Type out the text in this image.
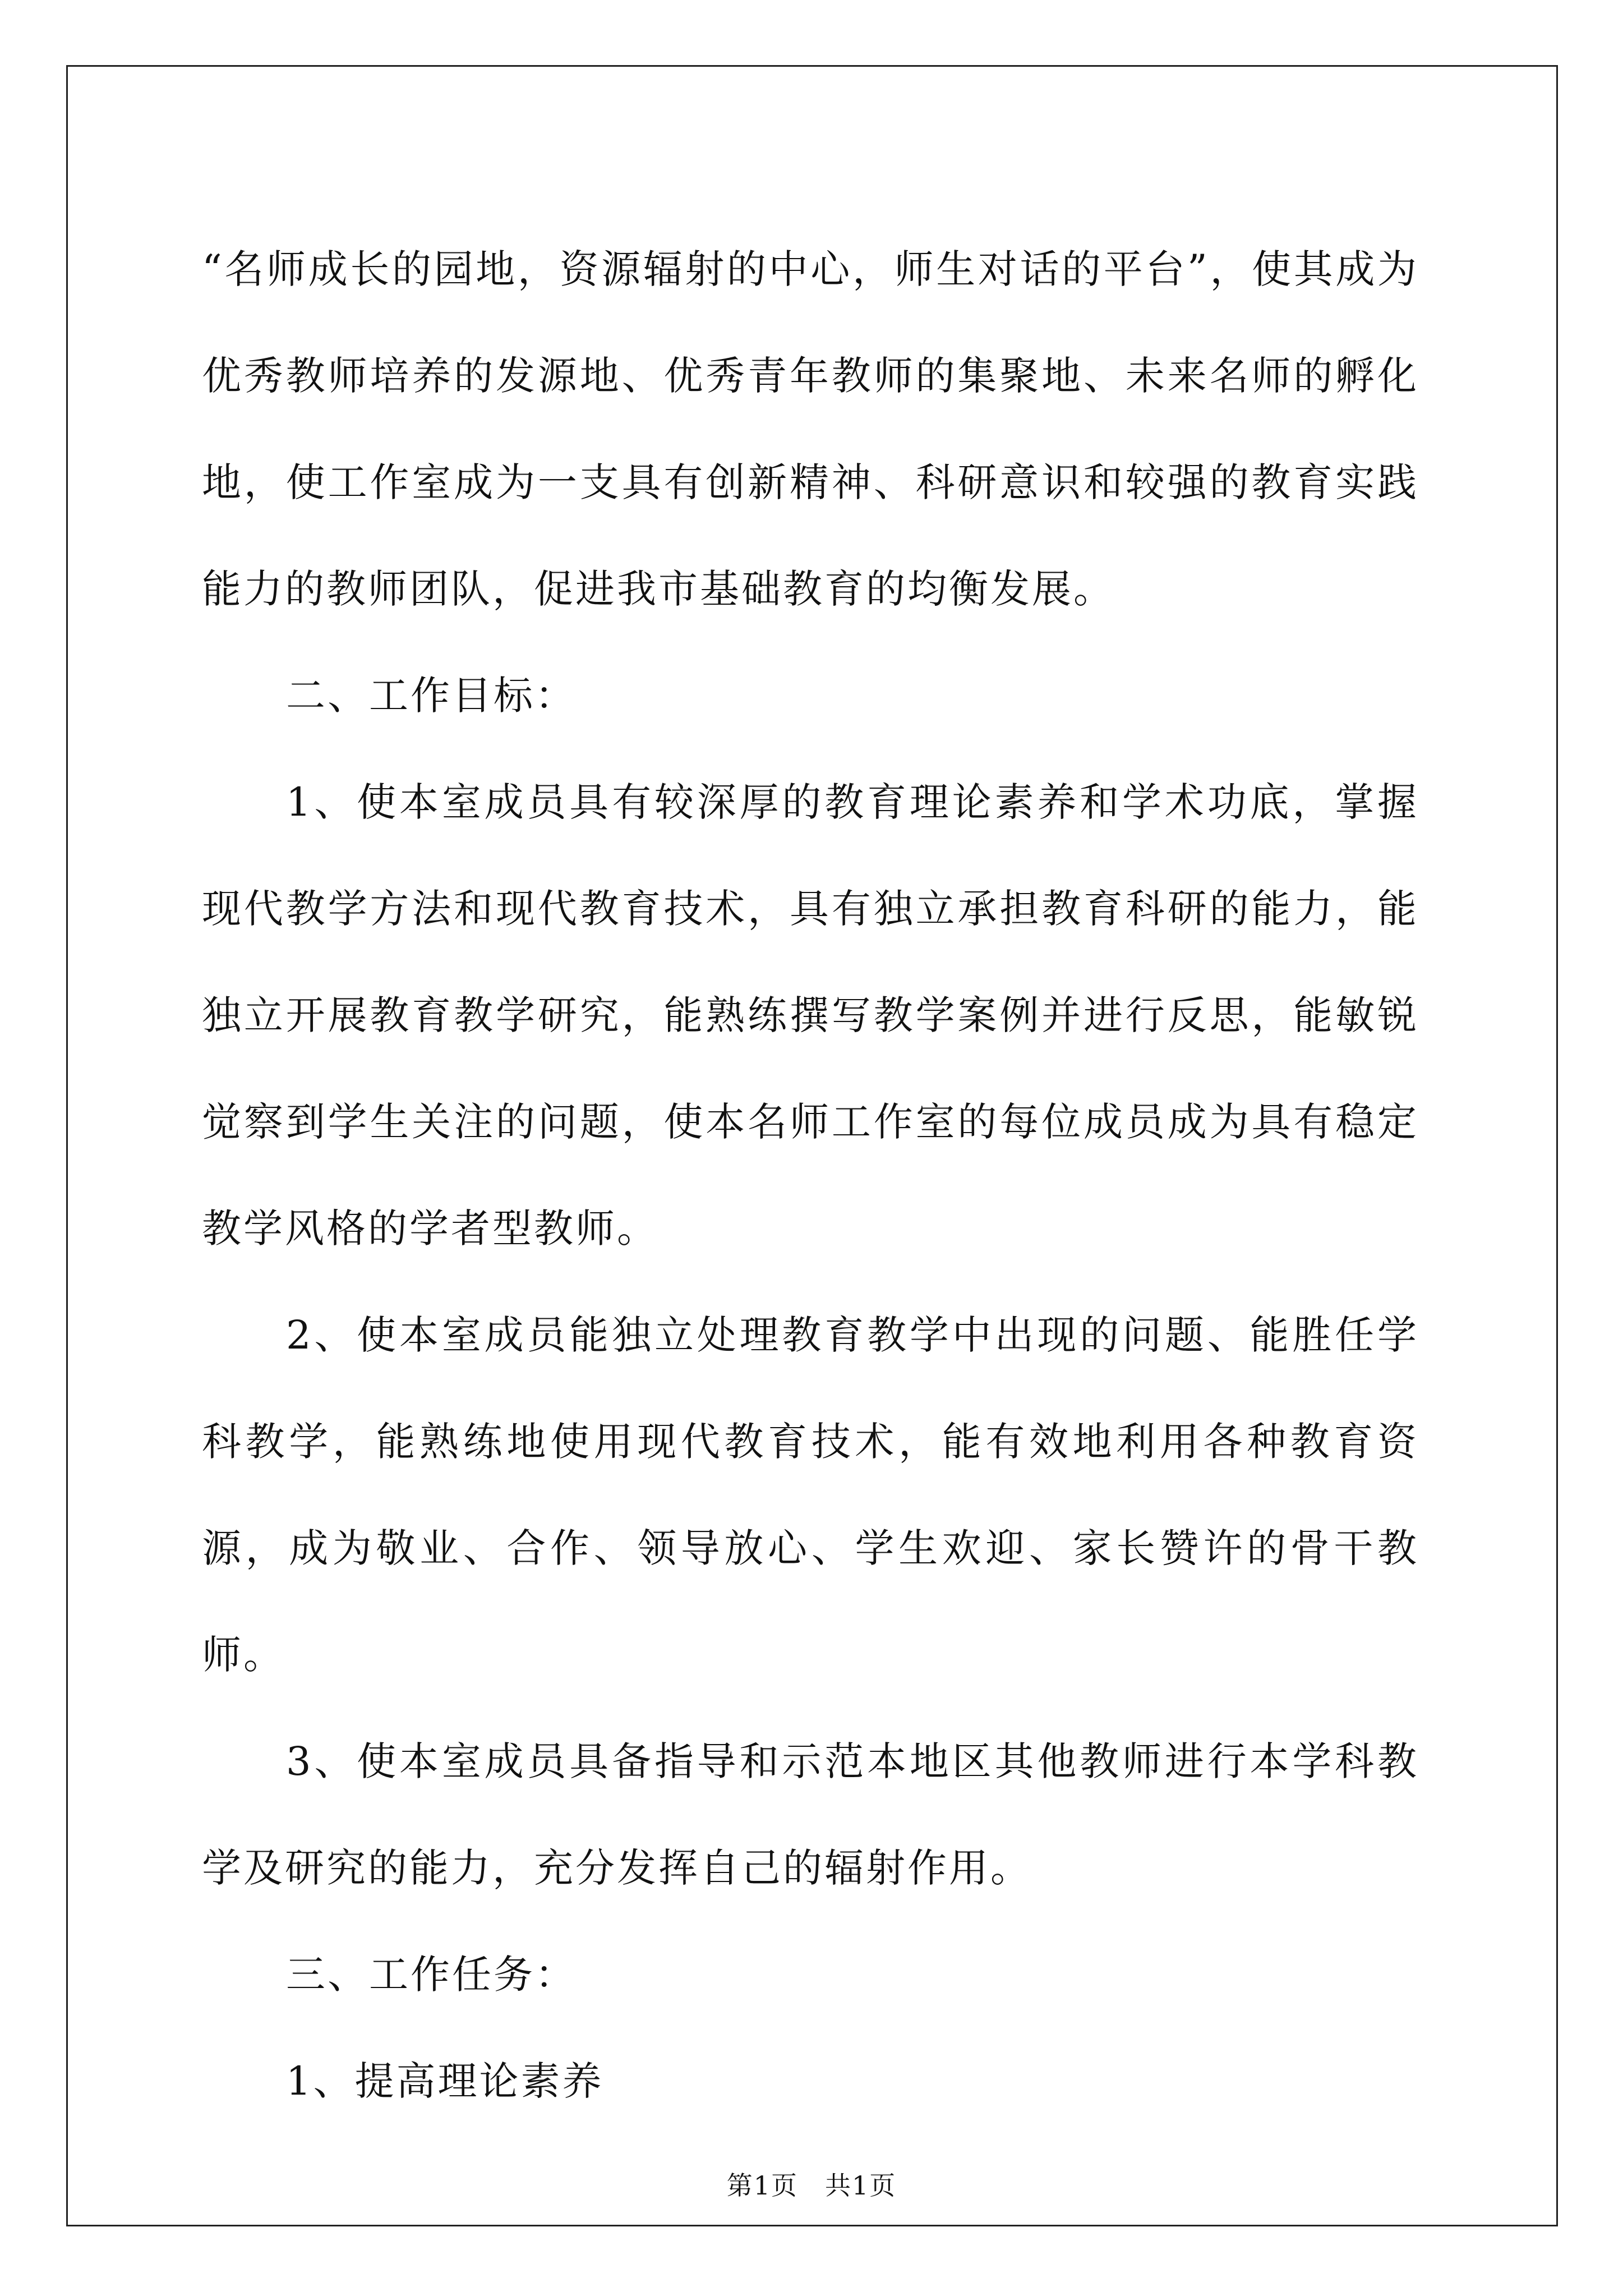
“名师成长的园地，资源辐射的中心，师生对话的平台”，使其成为优秀教师培养的发源地、优秀青年教师的集聚地、未来名师的孵化地，使工作室成为一支具有创新精神、科研意识和较强的教育实践能力的教师团队，促进我市基础教育的均衡发展。

二、工作目标：

1、使本室成员具有较深厚的教育理论素养和学术功底，掌握现代教学方法和现代教育技术，具有独立承担教育科研的能力，能独立开展教育教学研究，能熟练撰写教学案例并进行反思，能敏锐觉察到学生关注的问题，使本名师工作室的每位成员成为具有稳定教学风格的学者型教师。

2、使本室成员能独立处理教育教学中出现的问题、能胜任学科教学，能熟练地使用现代教育技术，能有效地利用各种教育资源，成为敬业、合作、领导放心、学生欢迎、家长赞许的骨干教师。

3、使本室成员具备指导和示范本地区其他教师进行本学科教学及研究的能力，充分发挥自己的辐射作用。

三、工作任务：

1、提高理论素养

第1页　共1页
